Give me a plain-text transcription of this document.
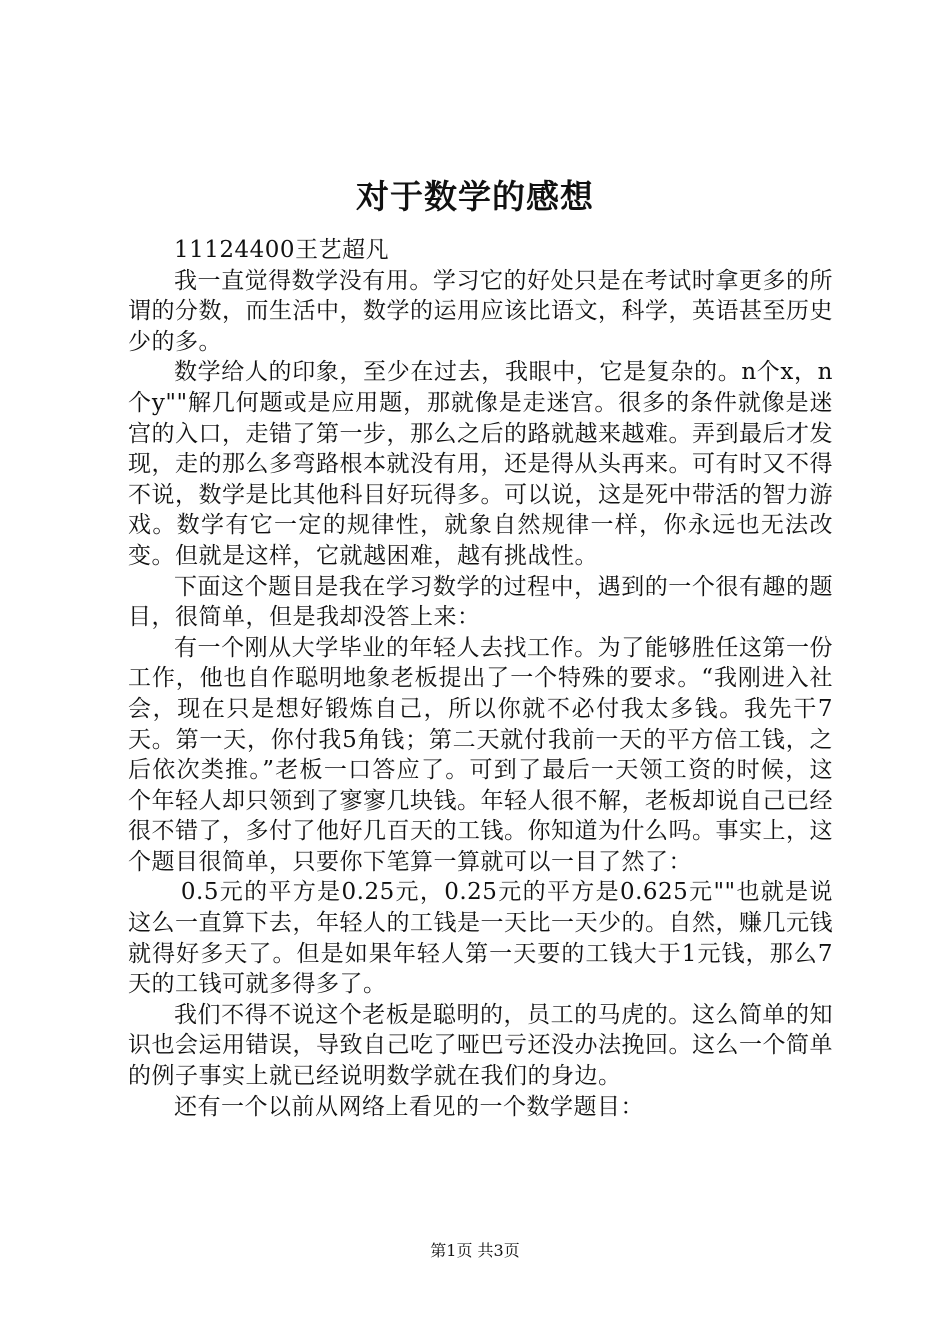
对于数学的感想

11124400王艺超凡

我一直觉得数学没有用。学习它的好处只是在考试时拿更多的所谓的分数，而生活中，数学的运用应该比语文，科学，英语甚至历史少的多。

数学给人的印象，至少在过去，我眼中，它是复杂的。n个x，n个y""解几何题或是应用题，那就像是走迷宫。很多的条件就像是迷宫的入口，走错了第一步，那么之后的路就越来越难。弄到最后才发现，走的那么多弯路根本就没有用，还是得从头再来。可有时又不得不说，数学是比其他科目好玩得多。可以说，这是死中带活的智力游戏。数学有它一定的规律性，就象自然规律一样，你永远也无法改变。但就是这样，它就越困难，越有挑战性。

下面这个题目是我在学习数学的过程中，遇到的一个很有趣的题目，很简单，但是我却没答上来：

有一个刚从大学毕业的年轻人去找工作。为了能够胜任这第一份工作，他也自作聪明地象老板提出了一个特殊的要求。“我刚进入社会，现在只是想好锻炼自己，所以你就不必付我太多钱。我先干7天。第一天，你付我5角钱；第二天就付我前一天的平方倍工钱，之后依次类推。”老板一口答应了。可到了最后一天领工资的时候，这个年轻人却只领到了寥寥几块钱。年轻人很不解，老板却说自己已经很不错了，多付了他好几百天的工钱。你知道为什么吗。事实上，这个题目很简单，只要你下笔算一算就可以一目了然了：

0.5元的平方是0.25元，0.25元的平方是0.625元""也就是说这么一直算下去，年轻人的工钱是一天比一天少的。自然，赚几元钱就得好多天了。但是如果年轻人第一天要的工钱大于1元钱，那么7天的工钱可就多得多了。

我们不得不说这个老板是聪明的，员工的马虎的。这么简单的知识也会运用错误，导致自己吃了哑巴亏还没办法挽回。这么一个简单的例子事实上就已经说明数学就在我们的身边。

还有一个以前从网络上看见的一个数学题目：

第1页 共3页
